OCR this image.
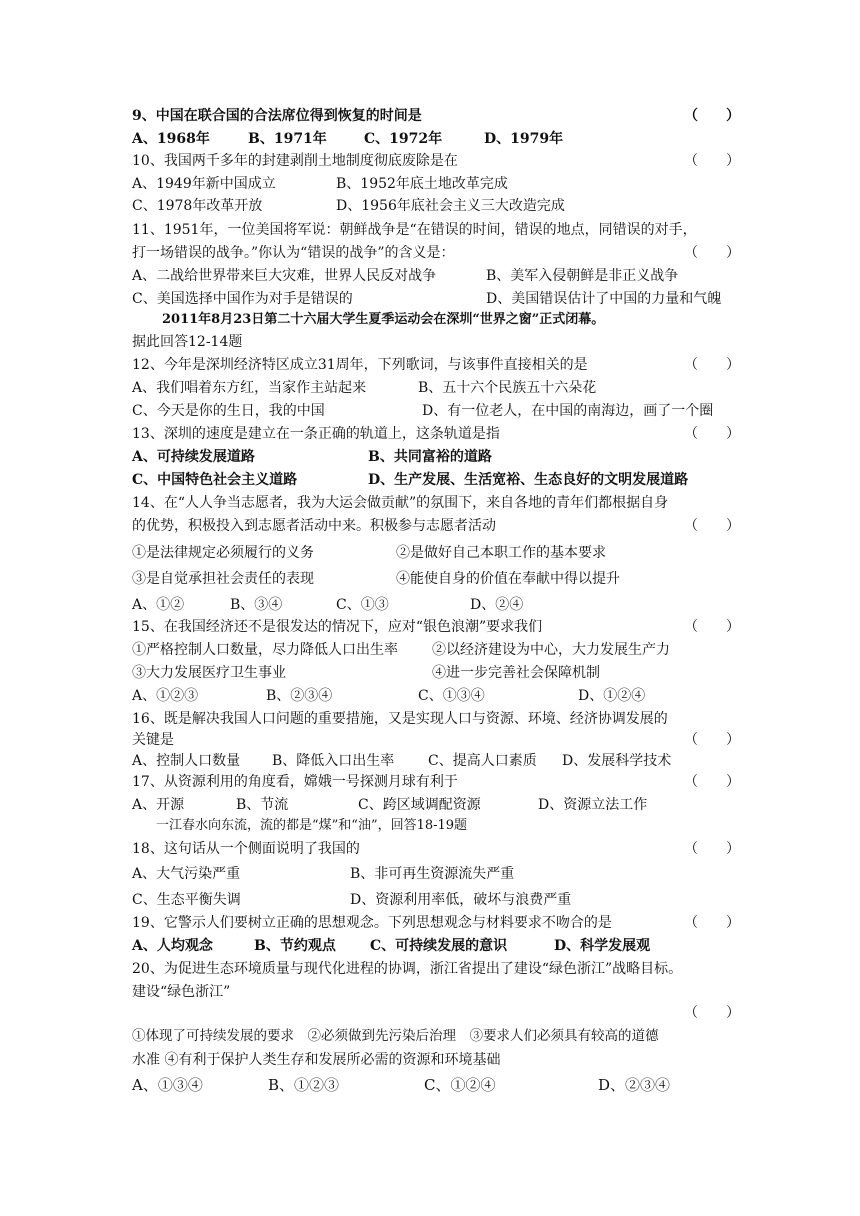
9、中国在联合国的合法席位得到恢复的时间是	（　　）
A、1968年	B、1971年	C、1972年	D、1979年
10、我国两千多年的封建剥削土地制度彻底废除是在	（　　）
A、1949年新中国成立	B、1952年底土地改革完成
C、1978年改革开放	D、1956年底社会主义三大改造完成
11、1951年，一位美国将军说：朝鲜战争是“在错误的时间，错误的地点，同错误的对手，
打一场错误的战争。”你认为“错误的战争”的含义是：	（　　）
A、二战给世界带来巨大灾难，世界人民反对战争	B、美军入侵朝鲜是非正义战争
C、美国选择中国作为对手是错误的	D、美国错误估计了中国的力量和气魄
2011年8月23日第二十六届大学生夏季运动会在深圳“世界之窗”正式闭幕。
据此回答12-14题
12、今年是深圳经济特区成立31周年，下列歌词，与该事件直接相关的是	（　　）
A、我们唱着东方红，当家作主站起来	B、五十六个民族五十六朵花
C、今天是你的生日，我的中国	D、有一位老人，在中国的南海边，画了一个圈
13、深圳的速度是建立在一条正确的轨道上，这条轨道是指	（　　）
A、可持续发展道路	B、共同富裕的道路
C、中国特色社会主义道路	D、生产发展、生活宽裕、生态良好的文明发展道路
14、在“人人争当志愿者，我为大运会做贡献”的氛围下，来自各地的青年们都根据自身
的优势，积极投入到志愿者活动中来。积极参与志愿者活动	（　　）
①是法律规定必须履行的义务	②是做好自己本职工作的基本要求
③是自觉承担社会责任的表现	④能使自身的价值在奉献中得以提升
A、①②	B、③④	C、①③	D、②④
15、在我国经济还不是很发达的情况下，应对“银色浪潮”要求我们	（　　）
①严格控制人口数量，尽力降低人口出生率 ②以经济建设为中心，大力发展生产力
③大力发展医疗卫生事业	④进一步完善社会保障机制
A、①②③	B、②③④	C、①③④	D、①②④
16、既是解决我国人口问题的重要措施，又是实现人口与资源、环境、经济协调发展的
关键是	（　　）
A、控制人口数量 B、降低入口出生率 C、提高人口素质 D、发展科学技术
17、从资源利用的角度看，嫦娥一号探测月球有利于	（　　）
A、开源	B、节流	C、跨区域调配资源	D、资源立法工作
一江春水向东流，流的都是“煤”和“油”，回答18-19题
18、这句话从一个侧面说明了我国的	（　　）
A、大气污染严重	B、非可再生资源流失严重
C、生态平衡失调	D、资源利用率低，破坏与浪费严重
19、它警示人们要树立正确的思想观念。下列思想观念与材料要求不吻合的是	（　　）
A、人均观念	B、节约观点 C、可持续发展的意识	D、科学发展观
20、为促进生态环境质量与现代化进程的协调，浙江省提出了建设“绿色浙江”战略目标。
建设“绿色浙江”
（　　）
①体现了可持续发展的要求　②必须做到先污染后治理　③要求人们必须具有较高的道德
水准 ④有利于保护人类生存和发展所必需的资源和环境基础
A、①③④	B、①②③	C、①②④	D、②③④
